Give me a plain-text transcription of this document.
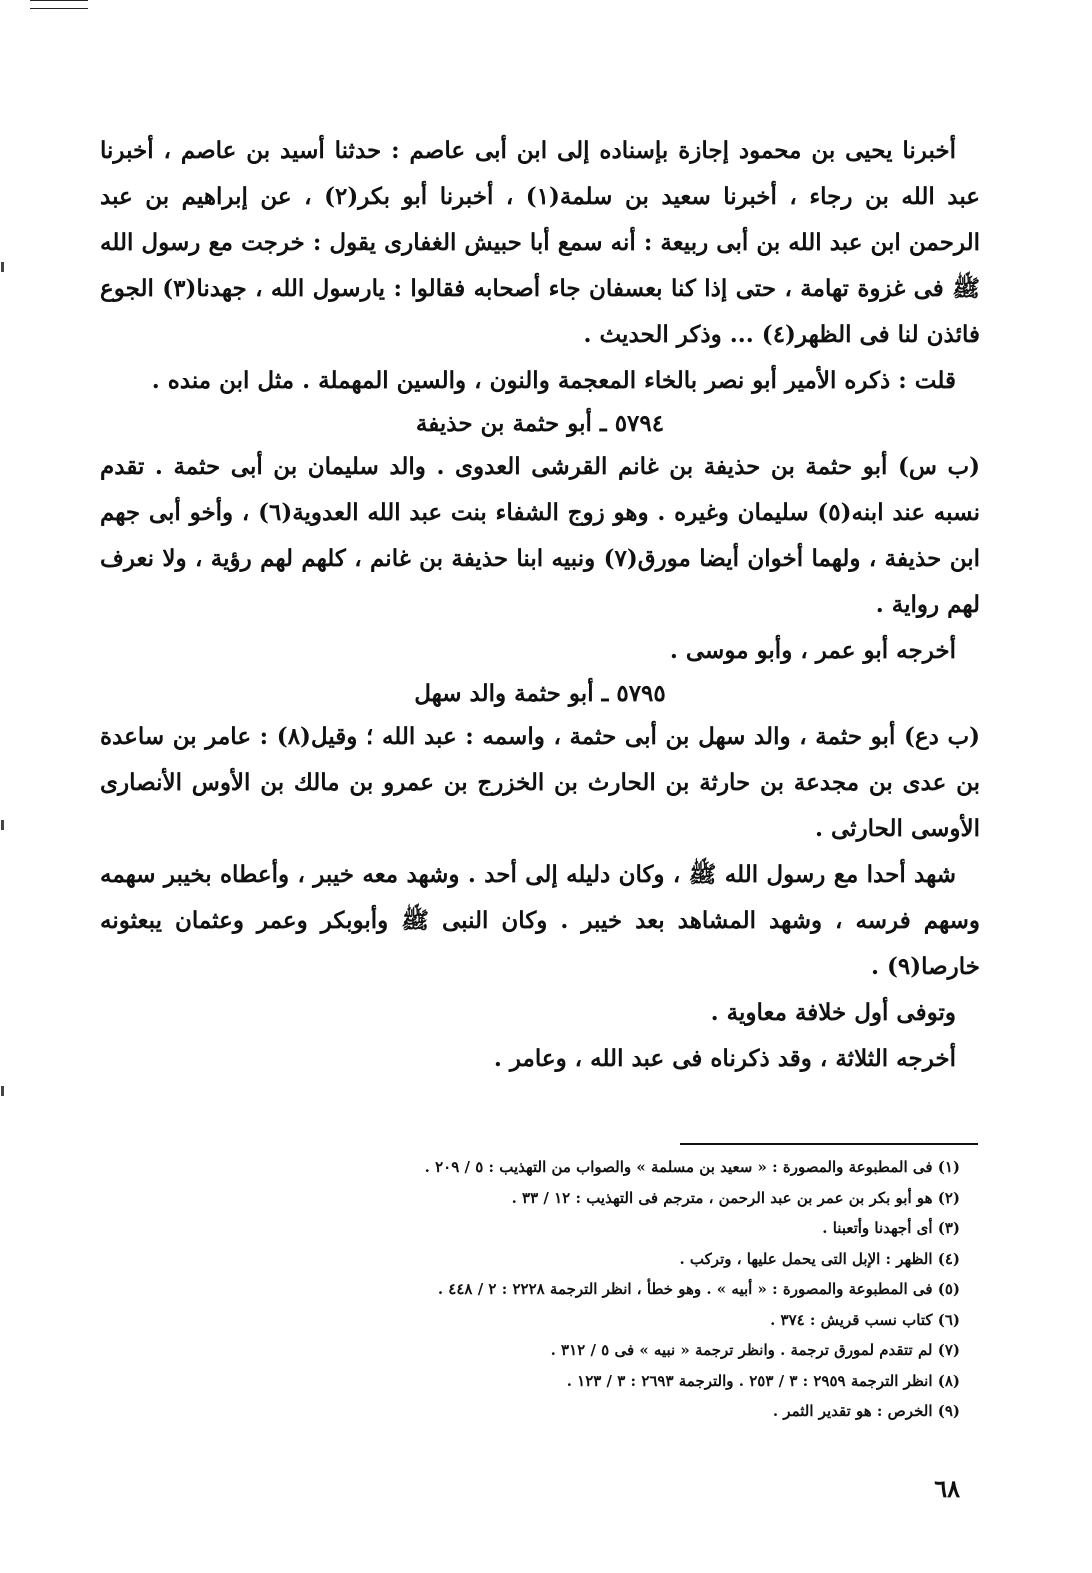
أخبرنا يحيى بن محمود إجازة بإسناده إلى ابن أبى عاصم : حدثنا أسيد بن عاصم ، أخبرنا عبد الله بن رجاء ، أخبرنا سعيد بن سلمة(١) ، أخبرنا أبو بكر(٢) ، عن إبراهيم بن عبد الرحمن ابن عبد الله بن أبى ربيعة : أنه سمع أبا حبيش الغفارى يقول : خرجت مع رسول الله ﷺ فى غزوة تهامة ، حتى إذا كنا بعسفان جاء أصحابه فقالوا : يارسول الله ، جهدنا(٣) الجوع فائذن لنا فى الظهر(٤) ... وذكر الحديث .

قلت : ذكره الأمير أبو نصر بالخاء المعجمة والنون ، والسين المهملة . مثل ابن منده .

٥٧٩٤ ـ أبو حثمة بن حذيفة

(ب س) أبو حثمة بن حذيفة بن غانم القرشى العدوى . والد سليمان بن أبى حثمة . تقدم نسبه عند ابنه(٥) سليمان وغيره . وهو زوج الشفاء بنت عبد الله العدوية(٦) ، وأخو أبى جهم ابن حذيفة ، ولهما أخوان أيضا مورق(٧) ونبيه ابنا حذيفة بن غانم ، كلهم لهم رؤية ، ولا نعرف لهم رواية .

أخرجه أبو عمر ، وأبو موسى .

٥٧٩٥ ـ أبو حثمة والد سهل

(ب دع) أبو حثمة ، والد سهل بن أبى حثمة ، واسمه : عبد الله ؛ وقيل(٨) : عامر بن ساعدة بن عدى بن مجدعة بن حارثة بن الحارث بن الخزرج بن عمرو بن مالك بن الأوس الأنصارى الأوسى الحارثى .

شهد أحدا مع رسول الله ﷺ ، وكان دليله إلى أحد . وشهد معه خيبر ، وأعطاه بخيبر سهمه وسهم فرسه ، وشهد المشاهد بعد خيبر . وكان النبى ﷺ وأبوبكر وعمر وعثمان يبعثونه خارصا(٩) .

وتوفى أول خلافة معاوية .

أخرجه الثلاثة ، وقد ذكرناه فى عبد الله ، وعامر .

(١) فى المطبوعة والمصورة : « سعيد بن مسلمة » والصواب من التهذيب : ٥ / ٢٠٩ .

(٢) هو أبو بكر بن عمر بن عبد الرحمن ، مترجم فى التهذيب : ١٢ / ٣٣ .

(٣) أى أجهدنا وأتعبنا .

(٤) الظهر : الإبل التى يحمل عليها ، وتركب .

(٥) فى المطبوعة والمصورة : « أبيه » . وهو خطأ ، انظر الترجمة ٢٢٢٨ : ٢ / ٤٤٨ .

(٦) كتاب نسب قريش : ٣٧٤ .

(٧) لم تتقدم لمورق ترجمة . وانظر ترجمة « نبيه » فى ٥ / ٣١٢ .

(٨) انظر الترجمة ٢٩٥٩ : ٣ / ٢٥٣ . والترجمة ٢٦٩٣ : ٣ / ١٢٣ .

(٩) الخرص : هو تقدير الثمر .

٦٨
